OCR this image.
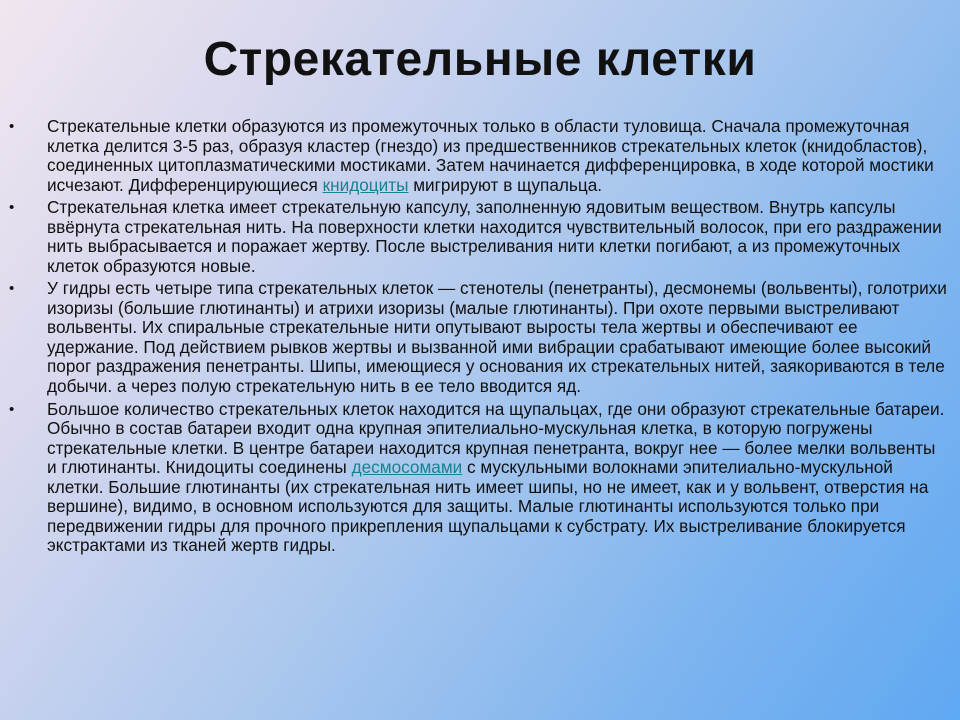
Стрекательные клетки
• Стрекательные клетки образуются из промежуточных только в области туловища. Сначала промежуточная клетка делится 3-5 раз, образуя кластер (гнездо) из предшественников стрекательных клеток (книдобластов), соединенных цитоплазматическими мостиками. Затем начинается дифференцировка, в ходе которой мостики исчезают. Дифференцирующиеся книдоциты мигрируют в щупальца.
• Стрекательная клетка имеет стрекательную капсулу, заполненную ядовитым веществом. Внутрь капсулы ввёрнута стрекательная нить. На поверхности клетки находится чувствительный волосок, при его раздражении нить выбрасывается и поражает жертву. После выстреливания нити клетки погибают, а из промежуточных клеток образуются новые.
• У гидры есть четыре типа стрекательных клеток — стенотелы (пенетранты), десмонемы (вольвенты), голотрихи изоризы (большие глютинанты) и атрихи изоризы (малые глютинанты). При охоте первыми выстреливают вольвенты. Их спиральные стрекательные нити опутывают выросты тела жертвы и обеспечивают ее удержание. Под действием рывков жертвы и вызванной ими вибрации срабатывают имеющие более высокий порог раздражения пенетранты. Шипы, имеющиеся у основания их стрекательных нитей, заякориваются в теле добычи. а через полую стрекательную нить в ее тело вводится яд.
• Большое количество стрекательных клеток находится на щупальцах, где они образуют стрекательные батареи. Обычно в состав батареи входит одна крупная эпителиально-мускульная клетка, в которую погружены стрекательные клетки. В центре батареи находится крупная пенетранта, вокруг нее — более мелки вольвенты и глютинанты. Книдоциты соединены десмосомами с мускульными волокнами эпителиально-мускульной клетки. Большие глютинанты (их стрекательная нить имеет шипы, но не имеет, как и у вольвент, отверстия на вершине), видимо, в основном используются для защиты. Малые глютинанты используются только при передвижении гидры для прочного прикрепления щупальцами к субстрату. Их выстреливание блокируется экстрактами из тканей жертв гидры.
